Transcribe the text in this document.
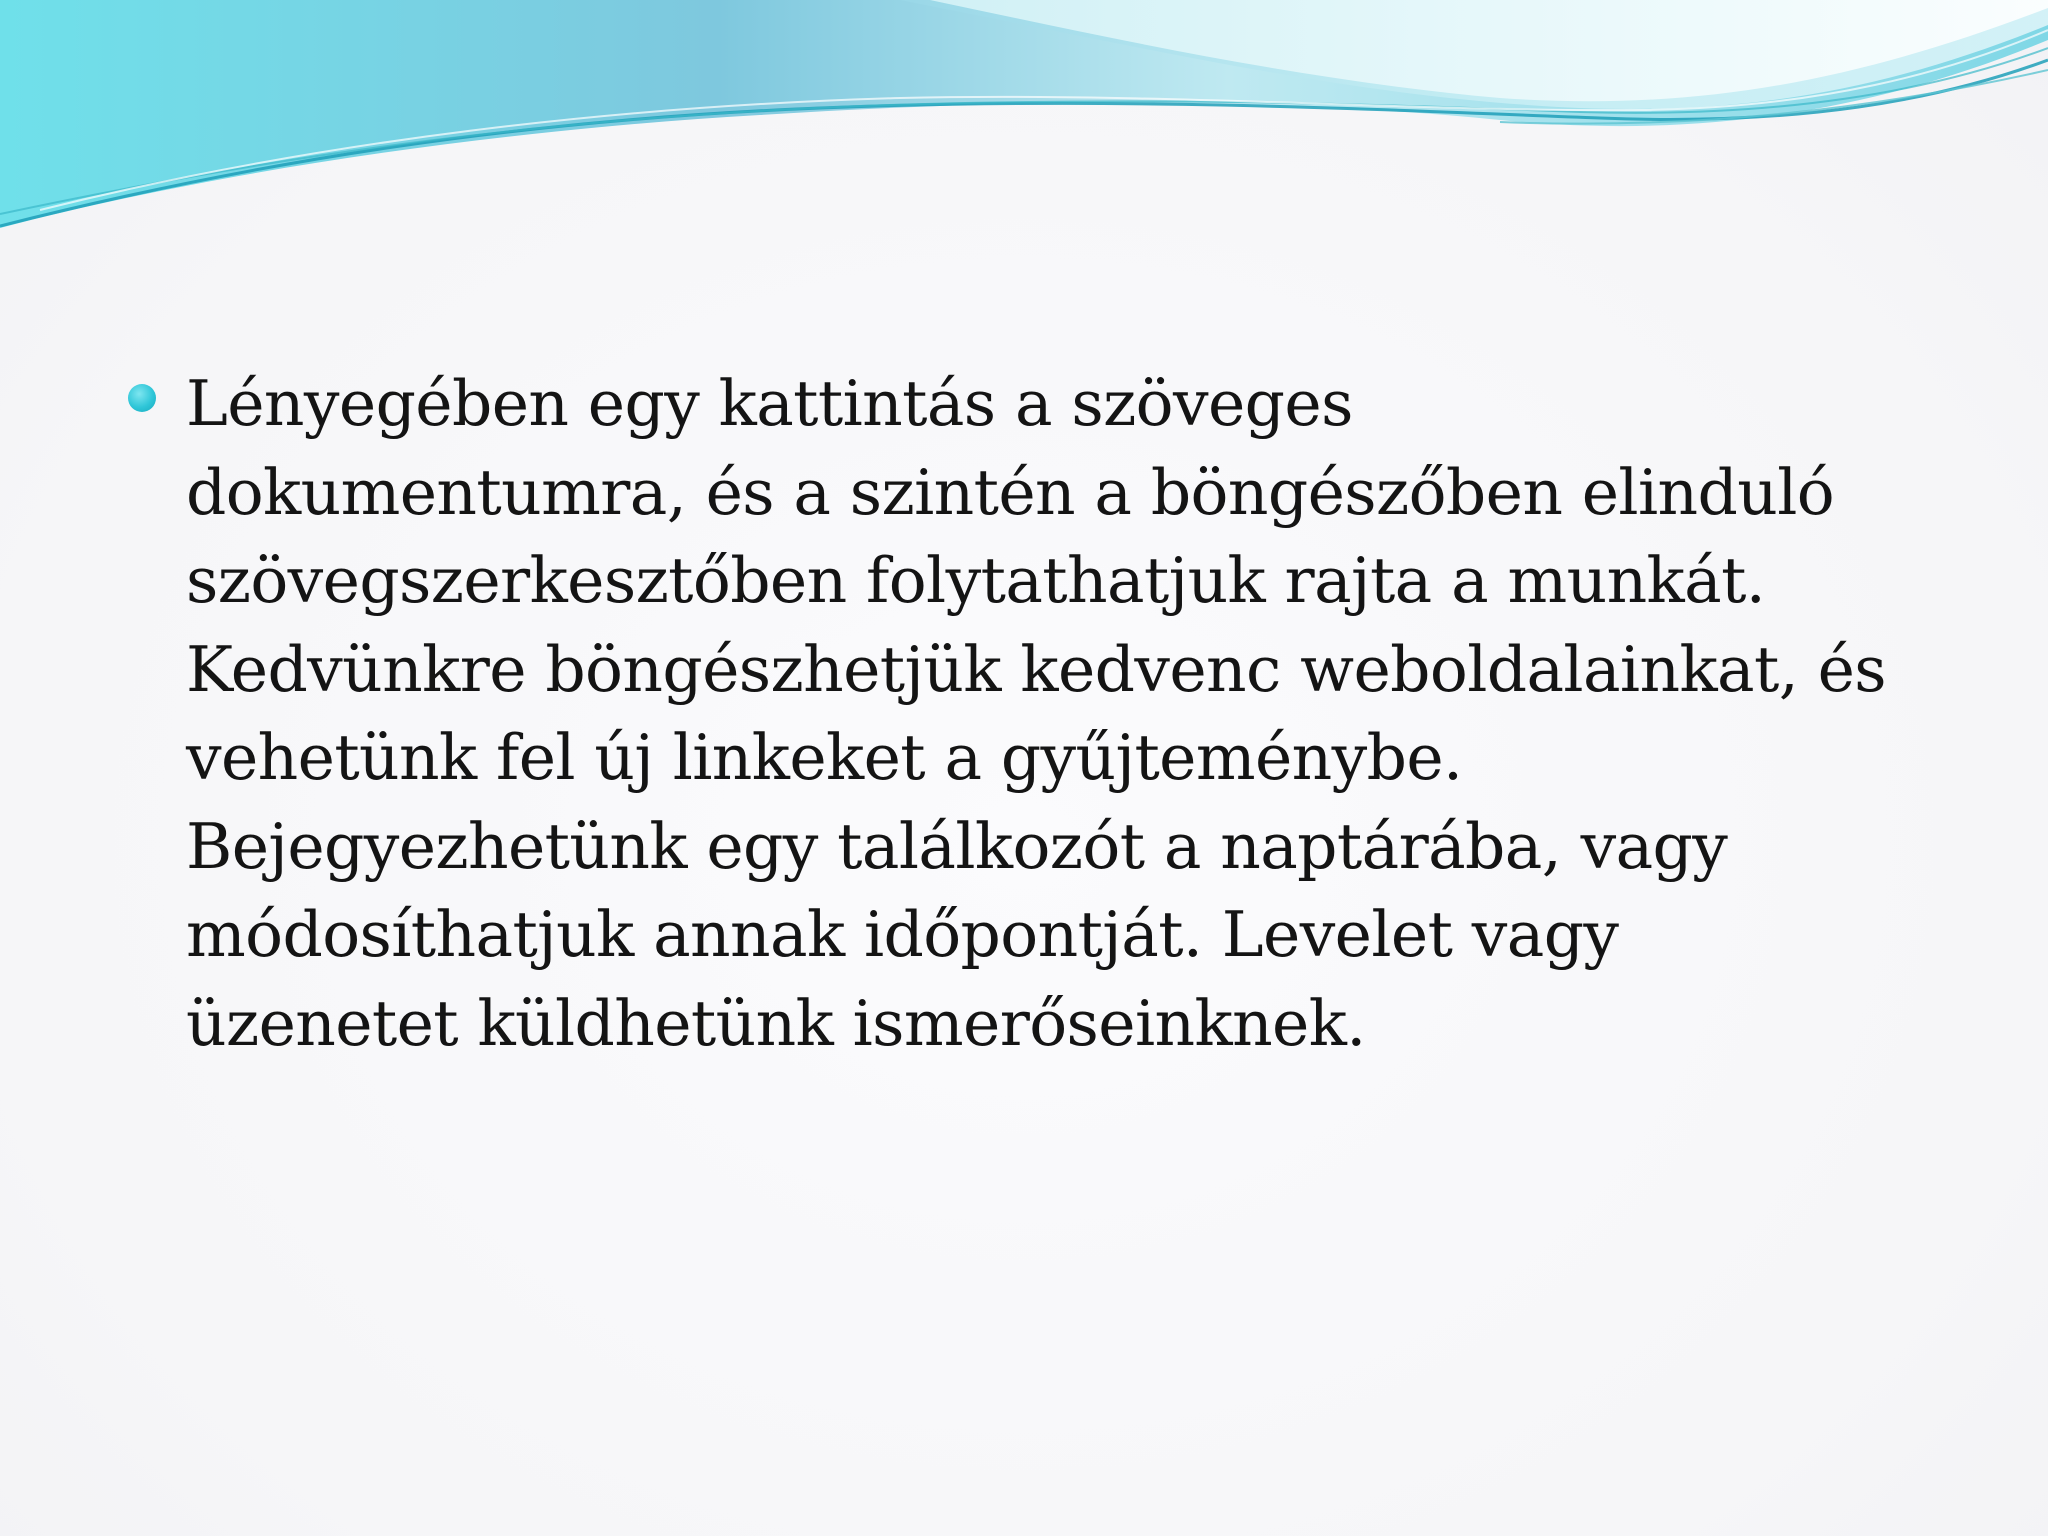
Lényegében egy kattintás a szöveges
dokumentumra, és a szintén a böngészőben elinduló
szövegszerkesztőben folytathatjuk rajta a munkát.
Kedvünkre böngészhetjük kedvenc weboldalainkat, és
vehetünk fel új linkeket a gyűjteménybe.
Bejegyezhetünk egy találkozót a naptárába, vagy
módosíthatjuk annak időpontját. Levelet vagy
üzenetet küldhetünk ismerőseinknek.
